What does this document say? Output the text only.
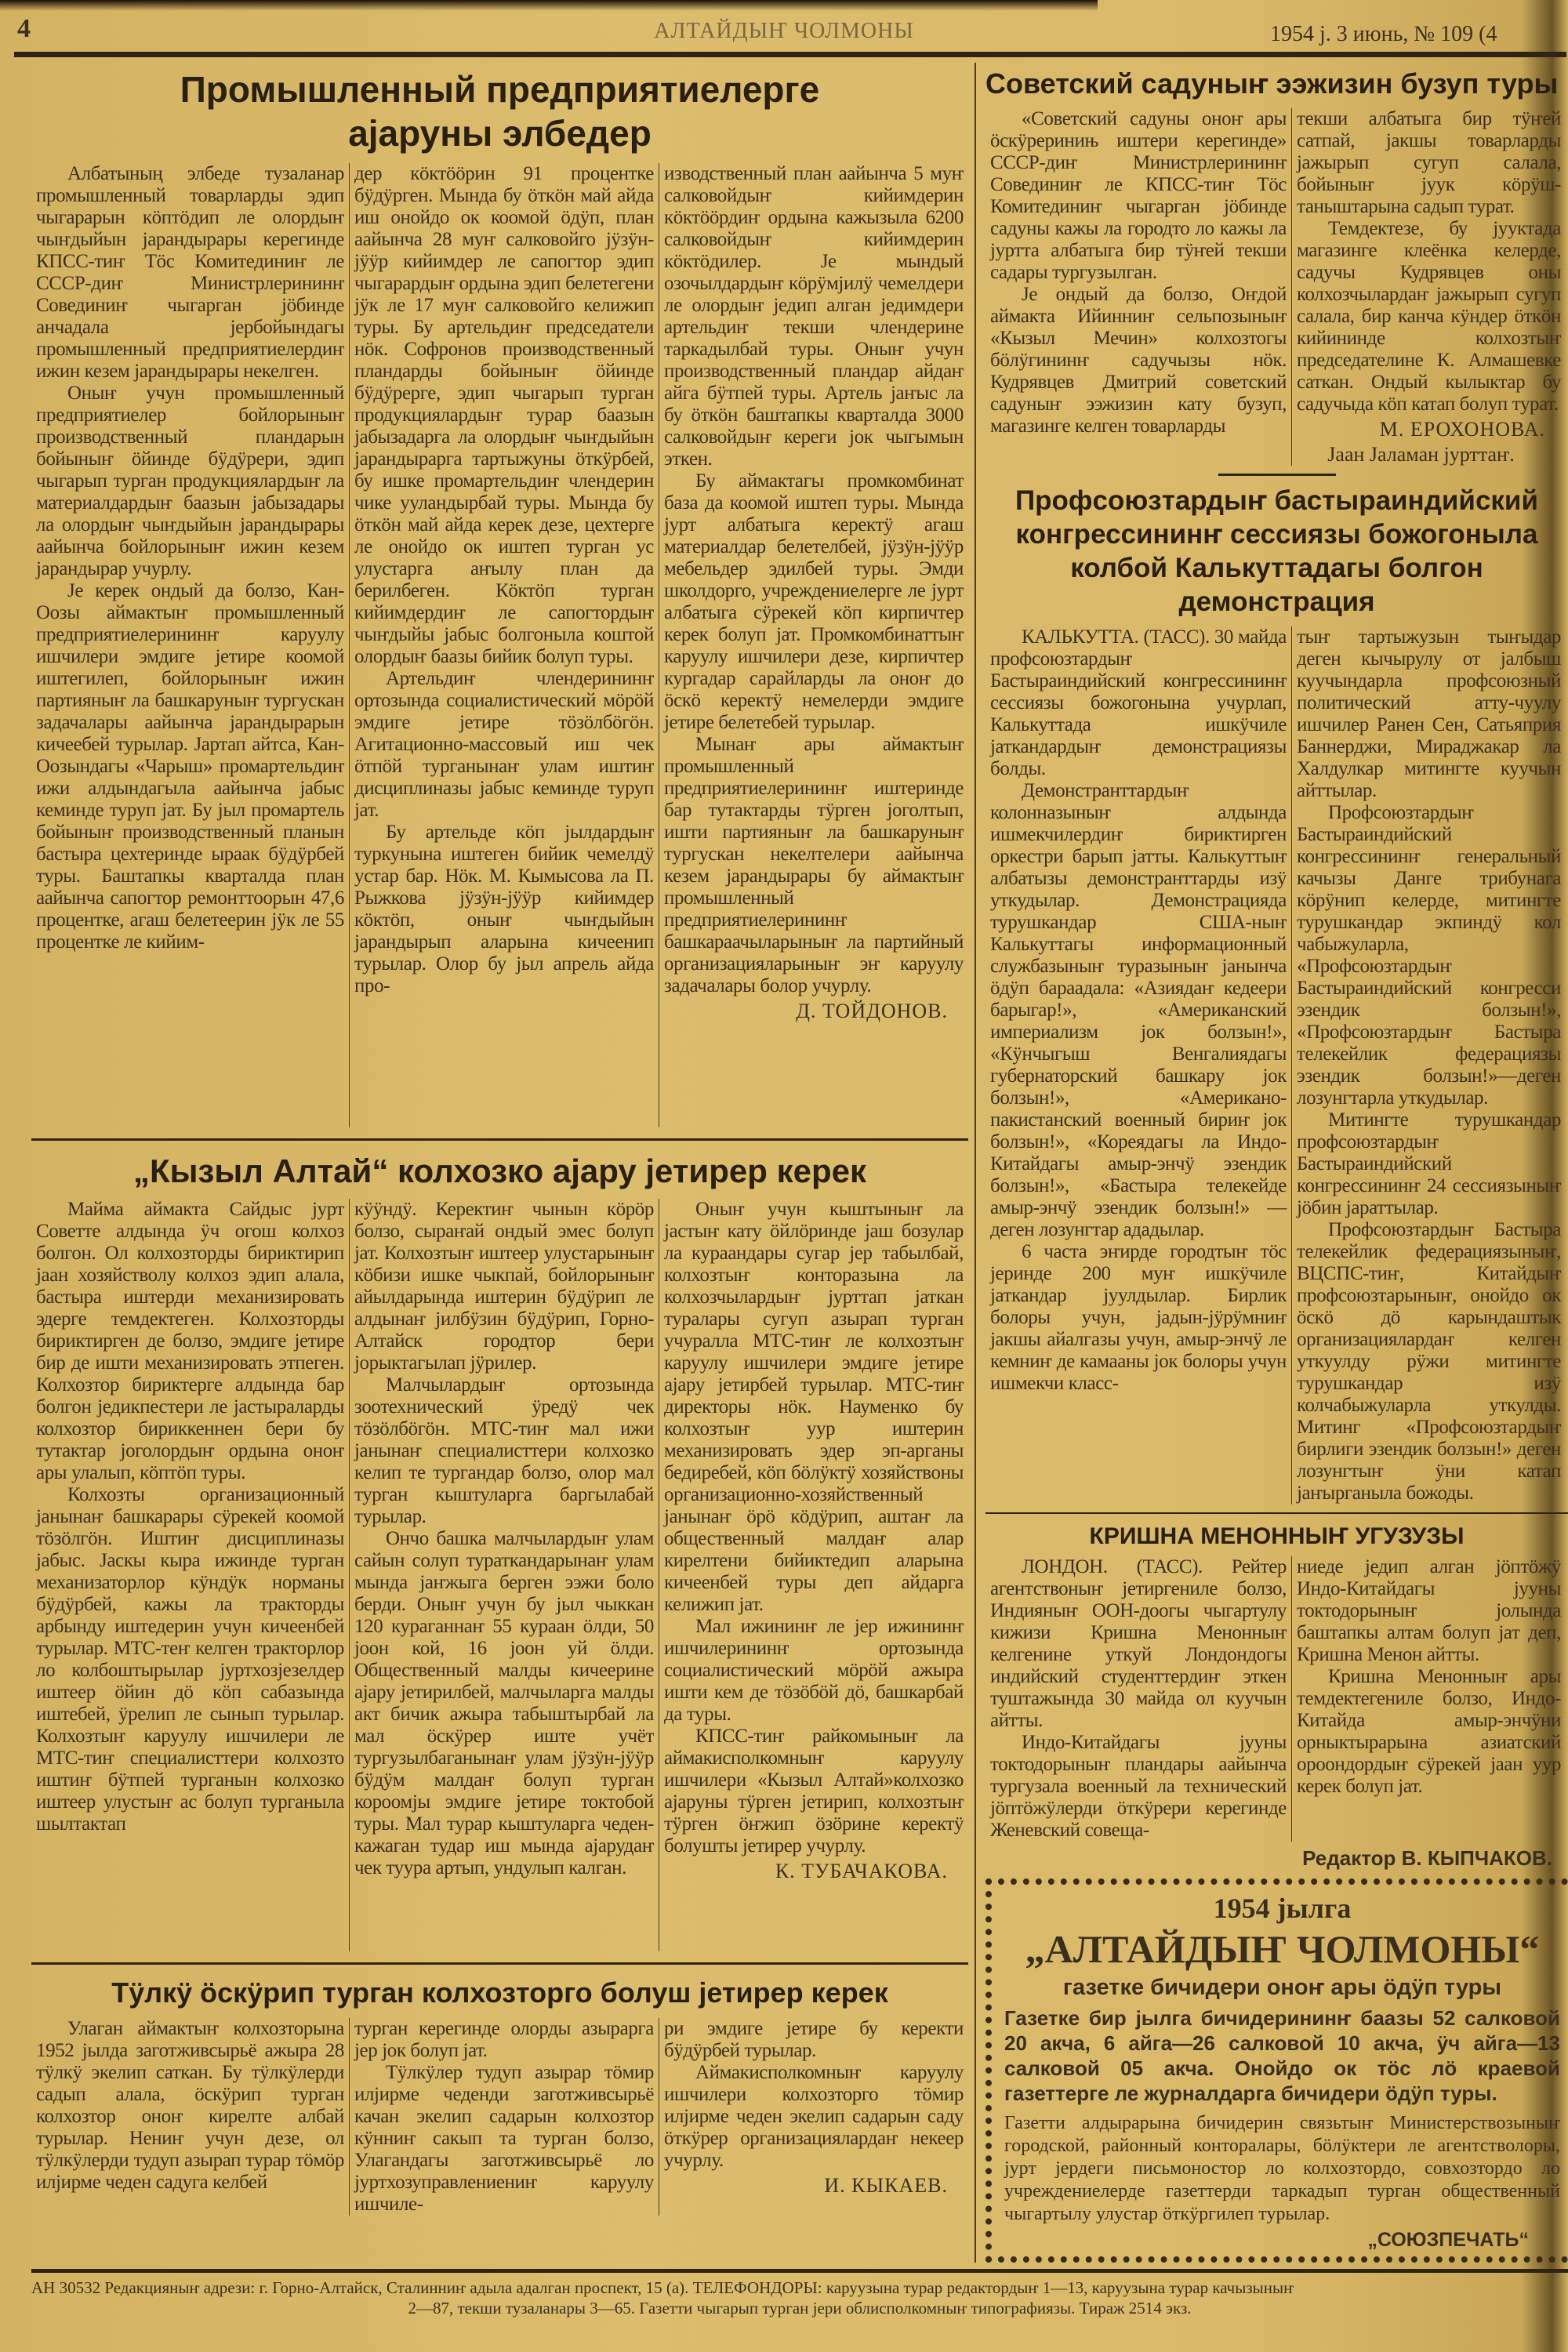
4	АЛТАЙДЫҤ ЧОЛМОНЫ	1954 ј. 3 июнь, № 109 (4
Промышленный предприятиелерге
ајаруны элбедер

Албатының элбеде тузаланар промышленный товарларды эдип чыгарарын кӧптӧдип ле олордыҥ чыҥдыйын јарандырары керегинде КПСС-тиҥ Тӧс Комитединиҥ ле СССР-диҥ Министрлерининҥ Совединиҥ чыгарган јӧбинде анчадала јербойындагы промышленный предприятиелердиҥ ижин кезем јарандырары некелген.

Оныҥ учун промышленный предприятиелер бойлорыныҥ производственный пландарын бойыныҥ ӧйинде бӱдӱрери, эдип чыгарып турган продукциялардыҥ ла материалдардыҥ баазын јабызадары ла олордыҥ чыҥдыйын јарандырары аайынча бойлорыныҥ ижин кезем јарандырар учурлу.

Је керек ондый да болзо, Кан-Оозы аймактыҥ промышленный предприятиелерининҥ каруулу ишчилери эмдиге јетире коомой иштегилеп, бойлорыныҥ ижин партияныҥ ла башкаруныҥ тургускан задачалары аайынча јарандырарын кичеебей турылар. Јартап айтса, Кан-Оозындагы «Чарыш» промартельдиҥ ижи алдындагыла аайынча јабыс кеминде туруп јат. Бу јыл промартель бойыныҥ производственный планын бастыра цехтеринде ыраак бӱдӱрбей туры. Баштапкы кварталда план аайынча сапогтор ремонттоорын 47,6 процентке, агаш белетеерин јӱк ле 55 процентке ле кийим-

дер кӧктӧӧрин 91 процентке бӱдӱрген. Мында бу ӧткӧн май айда иш онойдо ок коомой ӧдӱп, план аайынча 28 муҥ салковойго јӱзӱн-јӱӱр кийимдер ле сапогтор эдип чыгарардыҥ ордына эдип белетегени јӱк ле 17 муҥ салковойго келижип туры. Бу артельдиҥ председатели нӧк. Софронов производственный пландарды бойыныҥ ӧйинде бӱдӱрерге, эдип чыгарып турган продукциялардыҥ турар баазын јабызадарга ла олордыҥ чыҥдыйын јарандырарга тартыжуны ӧткӱрбей, бу ишке промартельдиҥ члендерин чике ууландырбай туры. Мында бу ӧткӧн май айда керек дезе, цехтерге ле онойдо ок иштеп турган ус улустарга аҥылу план да берилбеген. Кӧктӧп турган кийимдердиҥ ле сапогтордыҥ чыҥдыйы јабыс болгоныла коштой олордыҥ баазы бийик болуп туры.

Артельдиҥ члендерининҥ ортозында социалистический мӧрӧй эмдиге јетире тӧзӧлбӧгӧн. Агитационно-массовый иш чек ӧтпӧй турганынаҥ улам иштиҥ дисциплиназы јабыс кеминде туруп јат.

Бу артельде кӧп јылдардыҥ туркунына иштеген бийик чемелдӱ устар бар. Нӧк. М. Кымысова ла П. Рыжкова јӱзӱн-јӱӱр кийимдер кӧктӧп, оныҥ чыҥдыйын јарандырып аларына кичеенип турылар. Олор бу јыл апрель айда про-

изводственный план аайынча 5 муҥ салковойдыҥ кийимдерин кӧктӧӧрдиҥ ордына кажызыла 6200 салковойдыҥ кийимдерин кӧктӧдилер. Је мындый озочылдардыҥ кӧрӱмјилӱ чемелдери ле олордыҥ једип алган једимдери артельдиҥ текши члендерине таркадылбай туры. Оныҥ учун производственный пландар айдаҥ айга бӱтпей туры. Артель јаҥыс ла бу ӧткӧн баштапкы кварталда 3000 салковойдыҥ кереги јок чыгымын эткен.

Бу аймактагы промкомбинат база да коомой иштеп туры. Мында јурт албатыга керектӱ агаш материалдар белетелбей, јӱзӱн-јӱӱр мебельдер эдилбей туры. Эмди школдорго, учреждениелерге ле јурт албатыга сӱрекей кӧп кирпичтер керек болуп јат. Промкомбинаттыҥ каруулу ишчилери дезе, кирпичтер кургадар сарайларды ла оноҥ до ӧскӧ керектӱ немелерди эмдиге јетире белетебей турылар.

Мынаҥ ары аймактыҥ промышленный предприятиелерининҥ иштеринде бар тутактарды тӱрген јоголтып, ишти партияныҥ ла башкаруныҥ тургускан некелтелери аайынча кезем јарандырары бу аймактыҥ промышленный предприятиелерининҥ башкараачыларыныҥ ла партийный организацияларыныҥ эҥ каруулу задачалары болор учурлу.

Д. ТОЙДОНОВ.
„Кызыл Алтай“ колхозко ајару јетирер керек

Майма аймакта Сайдыс јурт Советте алдында ӱч огош колхоз болгон. Ол колхозторды бириктирип јаан хозяйстволу колхоз эдип алала, бастыра иштерди механизировать эдерге темдектеген. Колхозторды бириктирген де болзо, эмдиге јетире бир де ишти механизировать этпеген. Колхозтор бириктерге алдында бар болгон једикпестери ле јастыраларды колхозтор бириккеннен бери бу тутактар јоголордыҥ ордына оноҥ ары улалып, кӧптӧп туры.

Колхозты организационный јанынаҥ башкарары сӱрекей коомой тӧзӧлгӧн. Иштиҥ дисциплиназы јабыс. Јаскы кыра ижинде турган механизаторлор кӱндӱк норманы бӱдӱрбей, кажы ла тракторды арбынду иштедерин учун кичеенбей турылар. МТС-теҥ келген тракторлор ло колбоштырылар јуртхозјезелдер иштеер ӧйин дӧ кӧп сабазында иштебей, ӱрелип ле сынып турылар. Колхозтыҥ каруулу ишчилери ле МТС-тиҥ специалисттери колхозто иштиҥ бӱтпей турганын колхозко иштеер улустыҥ ас болуп турганыла шылтактап

кӱӱндӱ. Керектиҥ чынын кӧрӧр болзо, сыраҥай ондый эмес болуп јат. Колхозтыҥ иштеер улустарыныҥ кӧбизи ишке чыкпай, бойлорыныҥ айылдарында иштерин бӱдӱрип ле алдынаҥ јилбӱзин бӱдӱрип, Горно-Алтайск городтор бери јорыктагылап јӱрилер.

Малчылардыҥ ортозында зоотехнический ӱредӱ чек тӧзӧлбӧгӧн. МТС-тиҥ мал ижи јанынаҥ специалисттери колхозко келип те тургандар болзо, олор мал турган кыштуларга баргылабай турылар.

Ончо башка малчылардыҥ улам сайын солуп тураткандарынаҥ улам мында јаҥжыга берген ээжи боло берди. Оныҥ учун бу јыл чыккан 120 кураганнаҥ 55 кураан ӧлди, 50 јоон кой, 16 јоон уй ӧлди. Общественный малды кичеерине ајару јетирилбей, малчыларга малды акт бичик ажыра табыштырбай ла мал ӧскӱрер иште учёт тургузылбаганынаҥ улам јӱзӱн-јӱӱр бӱдӱм малдаҥ болуп турган короомјы эмдиге јетире токтобой туры. Мал турар кыштуларга чеден-кажаган тудар иш мында ајарудаҥ чек туура артып, ундулып калган.

Оныҥ учун кыштыныҥ ла јастыҥ кату ӧйлӧринде јаш бозулар ла кураандары сугар јер табылбай, колхозтыҥ конторазына ла колхозчылардыҥ јурттап јаткан туралары сугуп азырап турган учуралла МТС-тиҥ ле колхозтыҥ каруулу ишчилери эмдиге јетире ајару јетирбей турылар. МТС-тиҥ директоры нӧк. Науменко бу колхозтыҥ уур иштерин механизировать эдер эп-арганы бедиребей, кӧп бӧлӱктӱ хозяйствоны организационно-хозяйственный јанынаҥ ӧрӧ кӧдӱрип, аштаҥ ла общественный малдаҥ алар кирелтени бийиктедип аларына кичеенбей туры деп айдарга келижип јат.

Мал ижининҥ ле јер ижининҥ ишчилерининҥ ортозында социалистический мӧрӧй ажыра ишти кем де тӧзӧбӧй дӧ, башкарбай да туры.

КПСС-тиҥ райкомыныҥ ла аймакисполкомныҥ каруулу ишчилери «Кызыл Алтай»колхозко ајаруны тӱрген јетирип, колхозтыҥ тӱрген ӧҥжип ӧзӧрине керектӱ болушты јетирер учурлу.

К. ТУБАЧАКОВА.
Тӱлкӱ ӧскӱрип турган колхозторго болуш јетирер керек

Улаган аймактыҥ колхозторына 1952 јылда заготживсырьё ажыра 28 тӱлкӱ экелип саткан. Бу тӱлкӱлерди садып алала, ӧскӱрип турган колхозтор оноҥ кирелте албай турылар. Нениҥ учун дезе, ол тӱлкӱлерди тудуп азырап турар тӧмӧр илјирме чеден садуга келбей

турган керегинде олорды азырарга јер јок болуп јат.

Тӱлкӱлер тудуп азырар тӧмир илјирме чеденди заготживсырьё качан экелип садарын колхозтор кӱнниҥ сакып та турган болзо, Улагандагы заготживсырьё ло јуртхозуправлениениҥ каруулу ишчиле-

ри эмдиге јетире бу керекти бӱдӱрбей турылар.

Аймакисполкомныҥ каруулу ишчилери колхозторго тӧмир илјирме чеден экелип садарын саду ӧткӱрер организациялардаҥ некеер учурлу.

И. КЫКАЕВ.
Советский садуныҥ ээжизин бузуп туры

«Советский садуны оноҥ ары ӧскӱреринињ иштери керегинде» СССР-диҥ Министрлерининҥ Совединиҥ ле КПСС-тиҥ Тӧс Комитединиҥ чыгарган јӧбинде садуны кажы ла городто ло кажы ла јуртта албатыга бир тӱҥей текши садары тургузылган.

Је ондый да болзо, Оҥдой аймакта Ийинниҥ сельпозыныҥ «Кызыл Мечин» колхозтогы бӧлӱгининҥ садучызы нӧк. Кудрявцев Дмитрий советский садуныҥ ээжизин кату бузуп, магазинге келген товарларды

текши албатыга бир тӱҥей сатпай, јакшы товарларды јажырып сугуп салала, бойыныҥ јуук кӧрӱш-таныштарына садып турат.

Темдектезе, бу јууктада магазинге клеёнка келерде, садучы Кудрявцев оны колхозчылардаҥ јажырып сугуп салала, бир канча кӱндер ӧткӧн кийининде колхозтыҥ председателине К. Алмашевке саткан. Ондый кылыктар бу садучыда кӧп катап болуп турат.

М. ЕРОХОНОВА.
Јаан Јаламан јурттаҥ.
Профсоюзтардыҥ бастыраиндийский
конгрессининҥ сессиязы божогоныла
колбой Калькуттадагы болгон
демонстрация

КАЛЬКУТТА. (ТАСС). 30 майда профсоюзтардыҥ Бастыраиндийский конгрессининҥ сессиязы божогонына учурлап, Калькуттада ишкӱчиле јаткандардыҥ демонстрациязы болды.

Демонстранттардыҥ колонназыныҥ алдында ишмекчилердиҥ бириктирген оркестри барып јатты. Калькуттыҥ албатызы демонстранттарды изӱ уткудылар. Демонстрацияда турушкандар США-ныҥ Калькуттагы информационный службазыныҥ туразыныҥ јанынча ӧдӱп бараадала: «Азиядаҥ кедеери барыгар!», «Американский империализм јок болзын!», «Кӱнчыгыш Венгалиядагы губернаторский башкару јок болзын!», «Американо-пакистанский военный бириҥ јок болзын!», «Кореядагы ла Индо-Китайдагы амыр-энчӱ эзендик болзын!», «Бастыра телекейде амыр-энчӱ эзендик болзын!» — деген лозунгтар ададылар.

6 часта эҥирде городтыҥ тӧс јеринде 200 муҥ ишкӱчиле јаткандар јуулдылар. Бирлик болоры учун, јадын-јӱрӱмниҥ јакшы айалгазы учун, амыр-энчӱ ле кемниҥ де камааны јок болоры учун ишмекчи класс-

тыҥ тартыжузын тыҥыдар деген кычырулу от јалбыш куучындарла профсоюзный политический атту-чуулу ишчилер Ранен Сен, Сатьяприя Баннерджи, Мираджакар ла Халдулкар митингте куучын айттылар.

Профсоюзтардыҥ Бастыраиндийский конгрессининҥ генеральный качызы Данге трибунага кӧрӱнип келерде, митингте турушкандар экпиндӱ кол чабыжуларла, «Профсоюзтардыҥ Бастыраиндийский конгресси эзендик болзын!», «Профсоюзтардыҥ Бастыра телекейлик федерациязы эзендик болзын!»—деген лозунгтарла уткудылар.

Митингте турушкандар профсоюзтардыҥ Бастыраиндийский конгрессининҥ 24 сессиязыныҥ јӧбин јараттылар.

Профсоюзтардыҥ Бастыра телекейлик федерациязыныҥ, ВЦСПС-тиҥ, Китайдыҥ профсоюзтарыныҥ, онойдо ок ӧскӧ дӧ карындаштык организациялардаҥ келген уткуулду рӱжи митингте турушкандар изӱ колчабыжуларла уткулды. Митинг «Профсоюзтардыҥ бирлиги эзендик болзын!» деген лозунгтыҥ ӱни катап јаҥырганыла божоды.

КРИШНА МЕНОННЫҤ УГУЗУЗЫ

ЛОНДОН. (ТАСС). Рейтер агентствоныҥ јетиргениле болзо, Индияныҥ ООН-доогы чыгартулу кижизи Кришна Менонныҥ келгенине уткуй Лондондогы индийский студенттердиҥ эткен туштажында 30 майда ол куучын айтты.

Индо-Китайдагы јууны токтодорыныҥ пландары аайынча тургузала военный ла технический јӧптӧжӱлерди ӧткӱрери керегинде Женевский совеща-

ниеде једип алган јӧптӧжӱ Индо-Китайдагы јууны токтодорыныҥ јолында баштапкы алтам болуп јат деп, Кришна Менон айтты.

Кришна Менонныҥ ары темдектегениле болзо, Индо-Китайда амыр-энчӱни орныктырарына азиатский ороондордыҥ сӱрекей јаан уур керек болуп јат.

Редактор В. КЫПЧАКОВ.
1954 јылга
„АЛТАЙДЫҤ ЧОЛМОНЫ“
газетке бичидери оноҥ ары ӧдӱп туры
Газетке бир јылга бичидерининҥ баазы 52 салковой 20 акча, 6 айга—26 салковой 10 акча, ӱч айга—13 салковой 05 акча. Онойдо ок тӧс лӧ краевой газеттерге ле журналдарга бичидери ӧдӱп туры.
Газетти алдырарына бичидерин связьтыҥ Министерствозыныҥ городской, районный конторалары, бӧлӱктери ле агентстволоры, јурт јердеги письмоностор ло колхозтордо, совхозтордо ло учреждениелерде газеттерди таркадып турган общественный чыгартылу улустар ӧткӱргилеп турылар.
„СОЮЗПЕЧАТЬ“
АН 30532 Редакцияныҥ адрези: г. Горно-Алтайск, Сталинниҥ адыла адалган проспект, 15 (а). ТЕЛЕФОНДОРЫ: каруузына турар редактордыҥ 1—13, каруузына турар качызыныҥ
2—87, текши тузаланары 3—65. Газетти чыгарып турган јери облисполкомныҥ типографиязы. Тираж 2514 экз.
